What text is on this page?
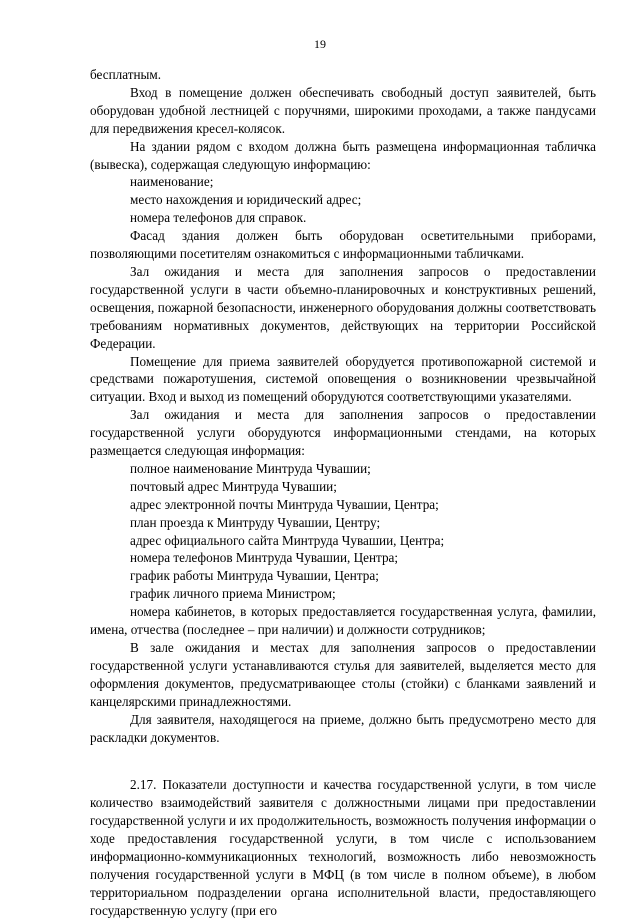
19

бесплатным.

Вход в помещение должен обеспечивать свободный доступ заявителей, быть оборудован удобной лестницей с поручнями, широкими проходами, а также пандусами для передвижения кресел-колясок.

На здании рядом с входом должна быть размещена информационная табличка (вывеска), содержащая следующую информацию:

наименование;

место нахождения и юридический адрес;

номера телефонов для справок.

Фасад здания должен быть оборудован осветительными приборами, позволяющими посетителям ознакомиться с информационными табличками.

Зал ожидания и места для заполнения запросов о предоставлении государственной услуги в части объемно-планировочных и конструктивных решений, освещения, пожарной безопасности, инженерного оборудования должны соответствовать требованиям нормативных документов, действующих на территории Российской Федерации.

Помещение для приема заявителей оборудуется противопожарной системой и средствами пожаротушения, системой оповещения о возникновении чрезвычайной ситуации. Вход и выход из помещений оборудуются соответствующими указателями.

Зал ожидания и места для заполнения запросов о предоставлении государственной услуги оборудуются информационными стендами, на которых размещается следующая информация:

полное наименование Минтруда Чувашии;

почтовый адрес Минтруда Чувашии;

адрес электронной почты Минтруда Чувашии, Центра;

план проезда к Минтруду Чувашии, Центру;

адрес официального сайта Минтруда Чувашии, Центра;

номера телефонов Минтруда Чувашии, Центра;

график работы Минтруда Чувашии, Центра;

график личного приема Министром;

номера кабинетов, в которых предоставляется государственная услуга, фамилии, имена, отчества (последнее – при наличии) и должности сотрудников;

В зале ожидания и местах для заполнения запросов о предоставлении государственной услуги устанавливаются стулья для заявителей, выделяется место для оформления документов, предусматривающее столы (стойки) с бланками заявлений и канцелярскими принадлежностями.

Для заявителя, находящегося на приеме, должно быть предусмотрено место для раскладки документов.

2.17. Показатели доступности и качества государственной услуги, в том числе количество взаимодействий заявителя с должностными лицами при предоставлении государственной услуги и их продолжительность, возможность получения информации о ходе предоставления государственной услуги, в том числе с использованием информационно-коммуникационных технологий, возможность либо невозможность получения государственной услуги в МФЦ (в том числе в полном объеме), в любом территориальном подразделении органа исполнительной власти, предоставляющего государственную услугу (при его
